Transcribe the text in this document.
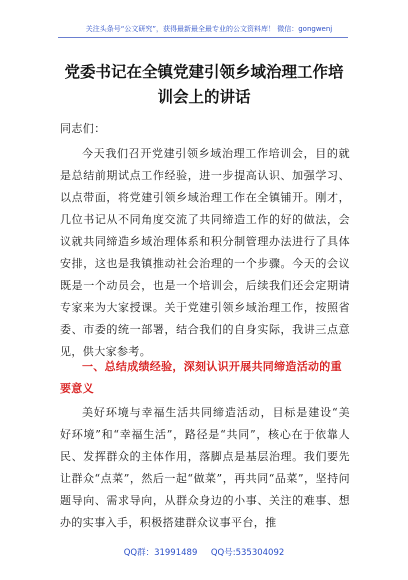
关注头条号“公文研究”，获得最新最全最专业的公文资料库！ 微信：gongwenj
党委书记在全镇党建引领乡域治理工作培
训会上的讲话
同志们：
今天我们召开党建引领乡域治理工作培训会，目的就是总结前期试点工作经验，进一步提高认识、加强学习、以点带面，将党建引领乡域治理工作在全镇铺开。刚才，几位书记从不同角度交流了共同缔造工作的好的做法，会议就共同缔造乡域治理体系和积分制管理办法进行了具体安排，这也是我镇推动社会治理的一个步骤。今天的会议既是一个动员会，也是一个培训会，后续我们还会定期请专家来为大家授课。关于党建引领乡域治理工作，按照省委、市委的统一部署，结合我们的自身实际，我讲三点意见，供大家参考。
一、总结成绩经验，深刻认识开展共同缔造活动的重要意义
美好环境与幸福生活共同缔造活动，目标是建设“美好环境”和“幸福生活”，路径是“共同”，核心在于依靠人民、发挥群众的主体作用，落脚点是基层治理。我们要先让群众“点菜”，然后一起“做菜”，再共同“品菜”，坚持问题导向、需求导向，从群众身边的小事、关注的难事、想办的实事入手，积极搭建群众议事平台，推
QQ群：31991489     QQ号:535304092
